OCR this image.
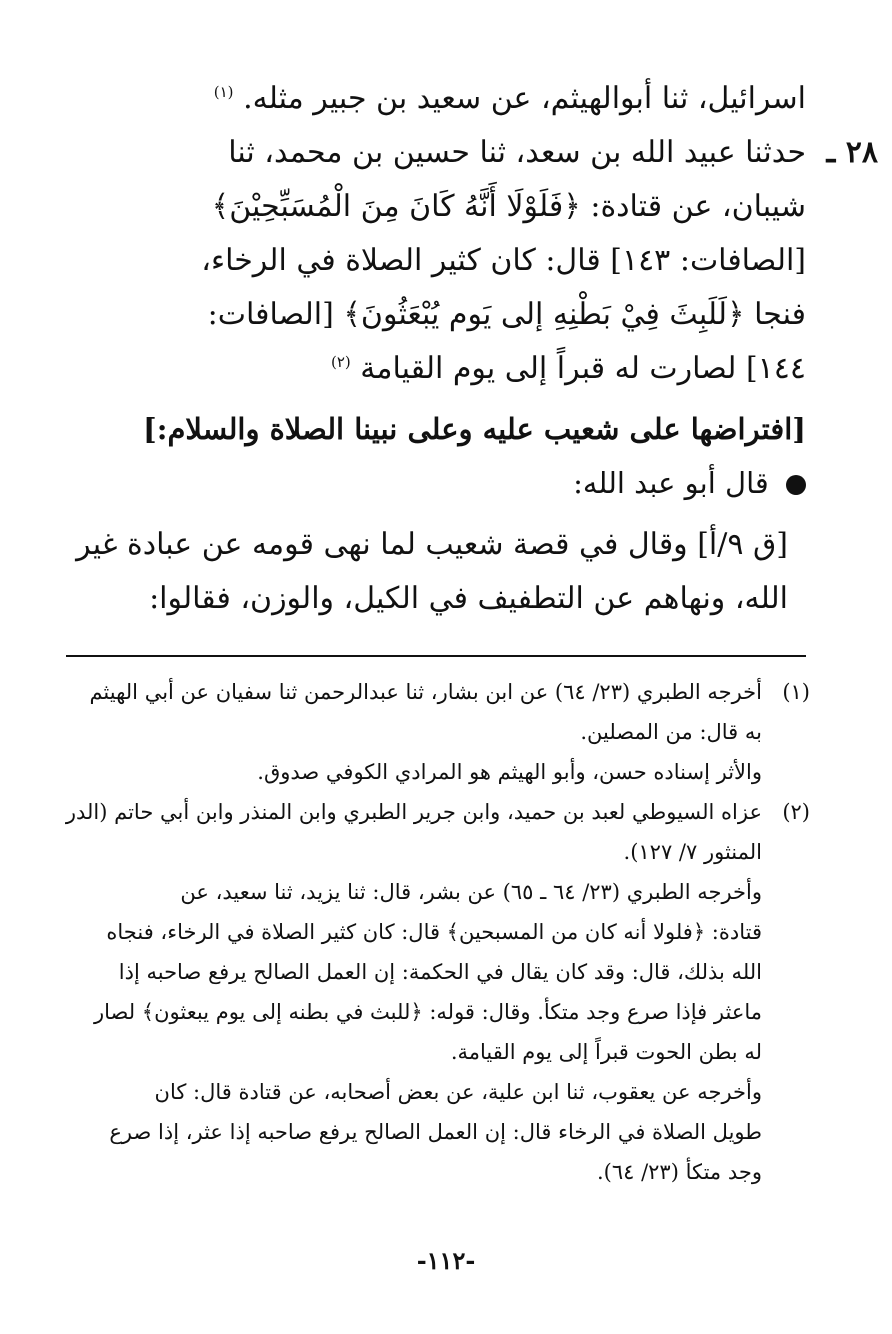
اسرائيل، ثنا أبوالهيثم، عن سعيد بن جبير مثله. $^{(١)}$
٢٨ ـ
حدثنا عبيد الله بن سعد، ثنا حسين بن محمد، ثنا
شيبان، عن قتادة: ﴿فَلَوْلَا أَنَّهُ كَانَ مِنَ الْمُسَبِّحِيْنَ﴾
[الصافات: ١٤٣] قال: كان كثير الصلاة في الرخاء،
فنجا ﴿لَلَبِثَ فِيْ بَطْنِهِ إلى يَوم يُبْعَثُونَ﴾ [الصافات:
١٤٤] لصارت له قبراً إلى يوم القيامة $^{(٢)}$
[افتراضها على شعيب عليه وعلى نبينا الصلاة والسلام:]
قال أبو عبد الله:
[ق ٩/أ] وقال في قصة شعيب لما نهى قومه عن عبادة غير
الله، ونهاهم عن التطفيف في الكيل، والوزن، فقالوا:
(١)
أخرجه الطبري (٢٣/ ٦٤) عن ابن بشار، ثنا عبدالرحمن ثنا سفيان عن أبي الهيثم
به قال: من المصلين.
والأثر إسناده حسن، وأبو الهيثم هو المرادي الكوفي صدوق.
(٢)
عزاه السيوطي لعبد بن حميد، وابن جرير الطبري وابن المنذر وابن أبي حاتم (الدر
المنثور ٧/ ١٢٧).
وأخرجه الطبري (٢٣/ ٦٤ ـ ٦٥) عن بشر، قال: ثنا يزيد، ثنا سعيد، عن
قتادة: ﴿فلولا أنه كان من المسبحين﴾ قال: كان كثير الصلاة في الرخاء، فنجاه
الله بذلك، قال: وقد كان يقال في الحكمة: إن العمل الصالح يرفع صاحبه إذا
ماعثر فإذا صرع وجد متكأ. وقال: قوله: ﴿للبث في بطنه إلى يوم يبعثون﴾ لصار
له بطن الحوت قبراً إلى يوم القيامة.
وأخرجه عن يعقوب، ثنا ابن علية، عن بعض أصحابه، عن قتادة قال: كان
طويل الصلاة في الرخاء قال: إن العمل الصالح يرفع صاحبه إذا عثر، إذا صرع
وجد متكأ (٢٣/ ٦٤).
-١١٢-
